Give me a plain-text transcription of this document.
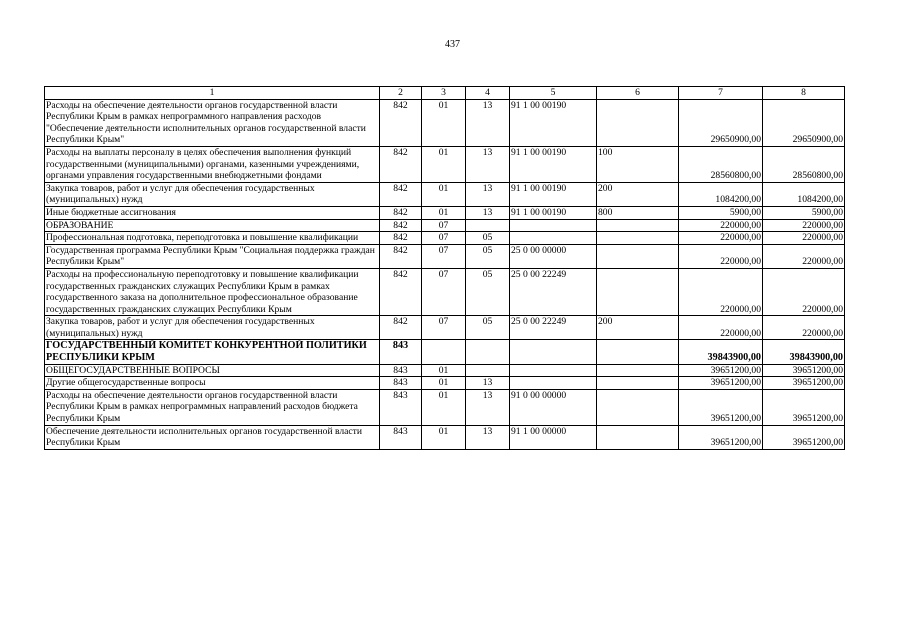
437
1	2	3	4	5	6	7	8
Расходы на обеспечение деятельности органов государственной власти Республики Крым в рамках непрограммного направления расходов "Обеспечение деятельности исполнительных органов государственной власти Республики Крым"	842	01	13	91 1 00 00190		29650900,00	29650900,00
Расходы на выплаты персоналу в целях обеспечения выполнения функций государственными (муниципальными) органами, казенными учреждениями, органами управления государственными внебюджетными фондами	842	01	13	91 1 00 00190	100	28560800,00	28560800,00
Закупка товаров, работ и услуг для обеспечения государственных (муниципальных) нужд	842	01	13	91 1 00 00190	200	1084200,00	1084200,00
Иные бюджетные ассигнования	842	01	13	91 1 00 00190	800	5900,00	5900,00
ОБРАЗОВАНИЕ	842	07				220000,00	220000,00
Профессиональная подготовка, переподготовка и повышение квалификации	842	07	05			220000,00	220000,00
Государственная программа Республики Крым "Социальная поддержка граждан Республики Крым"	842	07	05	25 0 00 00000		220000,00	220000,00
Расходы на профессиональную переподготовку и повышение квалификации государственных гражданских служащих Республики Крым в рамках государственного заказа на дополнительное профессиональное образование государственных гражданских служащих Республики Крым	842	07	05	25 0 00 22249		220000,00	220000,00
Закупка товаров, работ и услуг для обеспечения государственных (муниципальных) нужд	842	07	05	25 0 00 22249	200	220000,00	220000,00
ГОСУДАРСТВЕННЫЙ КОМИТЕТ КОНКУРЕНТНОЙ ПОЛИТИКИ РЕСПУБЛИКИ КРЫМ	843					39843900,00	39843900,00
ОБЩЕГОСУДАРСТВЕННЫЕ ВОПРОСЫ	843	01				39651200,00	39651200,00
Другие общегосударственные вопросы	843	01	13			39651200,00	39651200,00
Расходы на обеспечение деятельности органов государственной власти Республики Крым в рамках непрограммных направлений расходов бюджета Республики Крым	843	01	13	91 0 00 00000		39651200,00	39651200,00
Обеспечение деятельности исполнительных органов государственной власти Республики Крым	843	01	13	91 1 00 00000		39651200,00	39651200,00
